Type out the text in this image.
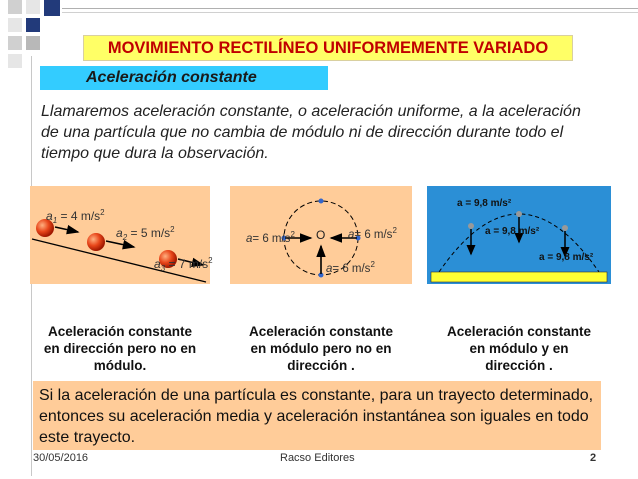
MOVIMIENTO RECTILÍNEO UNIFORMEMENTE VARIADO
Aceleración constante
Llamaremos aceleración constante, o aceleración uniforme, a la aceleración de una partícula que no cambia de módulo ni de dirección durante todo el tiempo que dura la observación.
$a_1 = 4$ $m/s^2$
$a_2 = 5$ $m/s^2$
$a_3 = 7$ $m/s^2$
O
a= 6 $m/s^2$	a= 6 $m/s^2$
a= 6 $m/s^2$
a = 9,8 m/s²
a = 9,8 m/s²
a = 9,8 m/s²
Aceleración constante
en dirección pero no en
módulo.
Aceleración constante
en módulo pero no en
dirección .
Aceleración constante
en módulo y en
dirección .
Si la aceleración de una partícula es constante, para un trayecto determinado, entonces su aceleración media y aceleración instantánea son iguales en todo este trayecto.
30/05/2016	Racso Editores	2
